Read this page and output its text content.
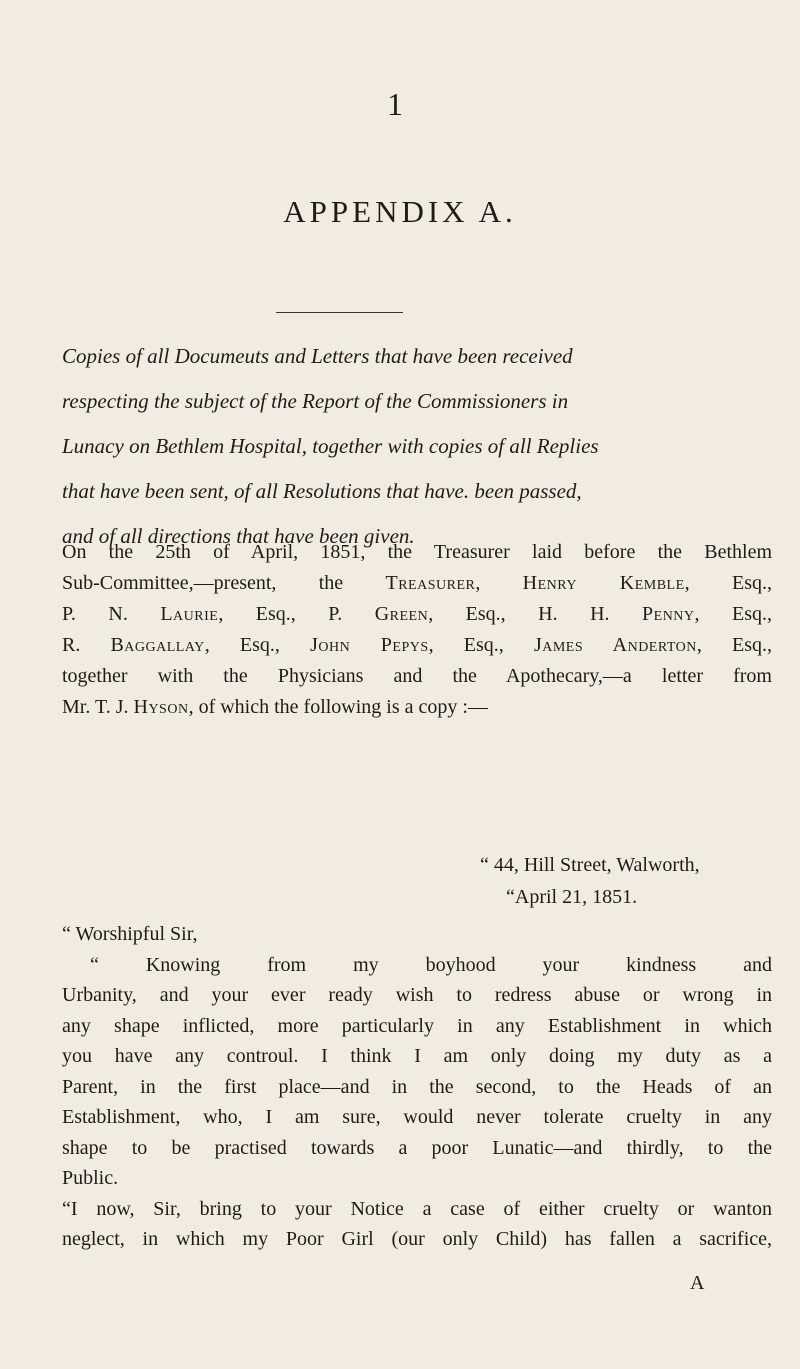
1
APPENDIX A.
Copies of all Documeuts and Letters that have been received
respecting the subject of the Report of the Commissioners in
Lunacy on Bethlem Hospital, together with copies of all Replies
that have been sent, of all Resolutions that have. been passed,
and of all directions that have been given.
On the 25th of April, 1851, the Treasurer laid before the Bethlem
Sub-Committee,—present, the Treasurer, Henry Kemble, Esq.,
P. N. Laurie, Esq., P. Green, Esq., H. H. Penny, Esq.,
R. Baggallay, Esq., John Pepys, Esq., James Anderton, Esq.,
together with the Physicians and the Apothecary,—a letter from
Mr. T. J. Hyson, of which the following is a copy :—
“ 44, Hill Street, Walworth,
“April 21, 1851.
“ Worshipful Sir,
“ Knowing from my boyhood your kindness and
Urbanity, and your ever ready wish to redress abuse or wrong in
any shape inflicted, more particularly in any Establishment in which
you have any controul. I think I am only doing my duty as a
Parent, in the first place—and in the second, to the Heads of an
Establishment, who, I am sure, would never tolerate cruelty in any
shape to be practised towards a poor Lunatic—and thirdly, to the
Public.
“I now, Sir, bring to your Notice a case of either cruelty or wanton
neglect, in which my Poor Girl (our only Child) has fallen a sacrifice,
A
